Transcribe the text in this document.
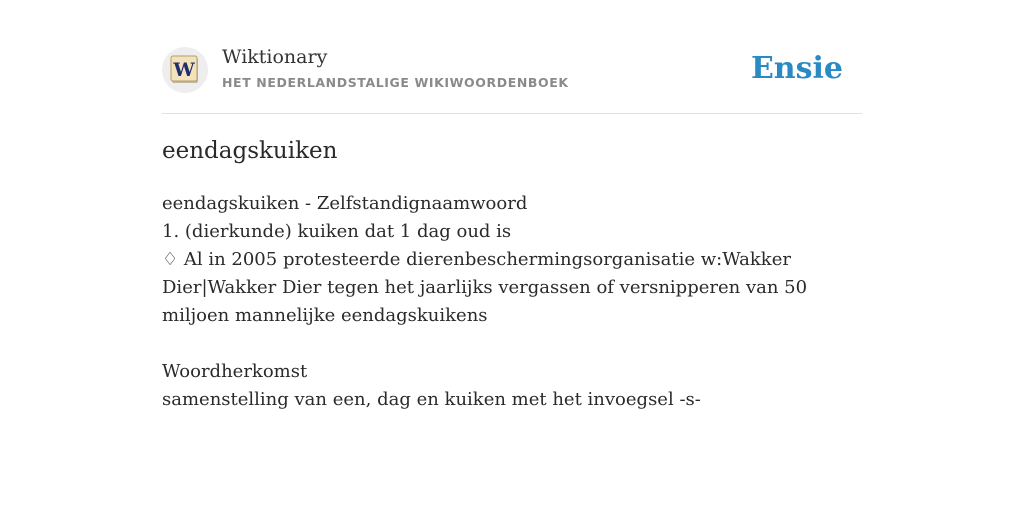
W
Wiktionary
HET NEDERLANDSTALIGE WIKIWOORDENBOEK	Ensie
eendagskuiken
eendagskuiken - Zelfstandignaamwoord
1. (dierkunde) kuiken dat 1 dag oud is

♢ Al in 2005 protesteerde dierenbeschermingsorganisatie w:Wakker Dier|Wakker Dier tegen het jaarlijks vergassen of versnipperen van 50 miljoen mannelijke eendagskuikens

Woordherkomst
samenstelling van een, dag en kuiken met het invoegsel -s-
